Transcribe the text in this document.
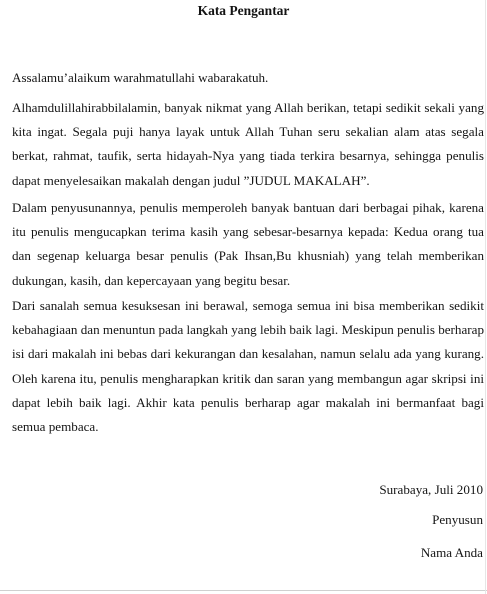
Kata Pengantar

Assalamu’alaikum warahmatullahi wabarakatuh.

Alhamdulillahirabbilalamin, banyak nikmat yang Allah berikan, tetapi sedikit sekali yang kita ingat. Segala puji hanya layak untuk Allah Tuhan seru sekalian alam atas segala berkat, rahmat, taufik, serta hidayah-Nya yang tiada terkira besarnya, sehingga penulis dapat menyelesaikan makalah dengan judul ”JUDUL MAKALAH”.

Dalam penyusunannya, penulis memperoleh banyak bantuan dari berbagai pihak, karena itu penulis mengucapkan terima kasih yang sebesar-besarnya kepada: Kedua orang tua dan segenap keluarga besar penulis (Pak Ihsan,Bu khusniah) yang telah memberikan dukungan, kasih, dan kepercayaan yang begitu besar.

Dari sanalah semua kesuksesan ini berawal, semoga semua ini bisa memberikan sedikit kebahagiaan dan menuntun pada langkah yang lebih baik lagi. Meskipun penulis berharap isi dari makalah ini bebas dari kekurangan dan kesalahan, namun selalu ada yang kurang. Oleh karena itu, penulis mengharapkan kritik dan saran yang membangun agar skripsi ini dapat lebih baik lagi. Akhir kata penulis berharap agar makalah ini bermanfaat bagi semua pembaca.

Surabaya, Juli 2010
Penyusun
Nama Anda
